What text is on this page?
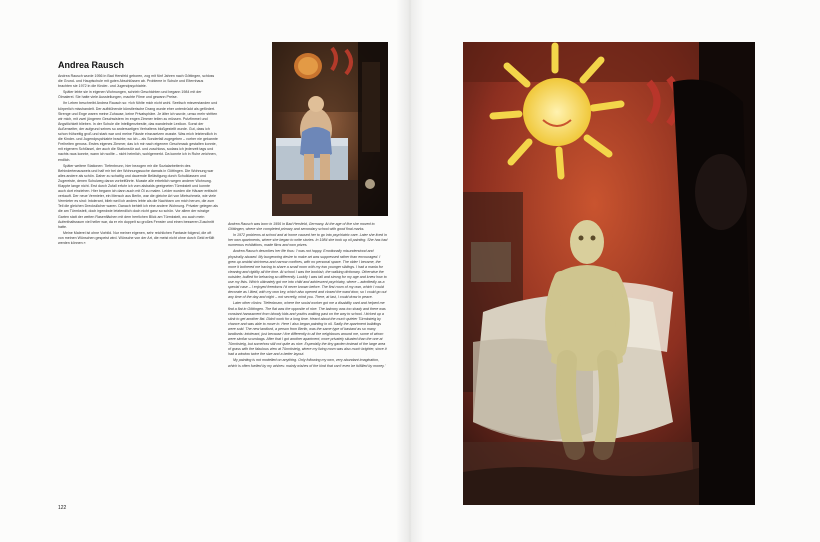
Andrea Rausch

Andrea Rausch wurde 1956 in Bad Hersfeld geboren, zog mit fünf Jahren nach Göttingen, schloss die Grund- und Hauptschule mit guten Abschlüssen ab. Probleme in Schule und Elternhaus brachten sie 1972 in die Kinder- und Jugendpsychiatrie.

Später lebte sie in eigenen Wohnungen, schrieb Geschichten und begann 1984 mit der Ölmalerei. Sie hatte viele Ausstellungen, machte Filme und gewann Preise.

Ihr Leben beschreibt Andrea Rausch so: »Ich fühlte mich nicht wohl. Seelisch misverstanden und körperlich misshandelt. Der aufblühende künstlerische Drang wurde eher unterdrückt als gefördert. Strenge und Enge waren meine Zuhause, keine Privatsphäre. Je älter ich wurde, umso mehr stritten wir mich, mit zwei jüngeren Geschwistern im engen Zimmer teilen zu müssen. Putzfimmel und Ängstlichkeit blieben. In der Schule die Intelligenzbestie, das wandelnde Lexikon. Sonst der Außenseiter, der aufgrund seines so andersartigen Verhaltens bloßgestellt wurde. Gut, dass ich schon frühzeitig groß und stark war und meine Fäuste einzusetzen wusste. Was mich letztendlich in die Kinder- und Jugendpsychiatrie brachte; wo ich – als Sonderfall zugegeben – vorher nie gekannte Freiheiten genoss. Erstes eigenes Zimmer, das ich mir nach eigenem Geschmack gestalten konnte, mit eigenem Schlüssel, der auch die Stationstür auf- und zuschloss, sodass ich jederzeit tags und nachts raus konnte, wann ich wollte – nicht heimlich, wohlgemerkt. Da konnte ich in Ruhe zeichnen, endlich.

Später weitere Stationen: Tiefenbrunn, hier bezogen mir die Sozialarbeiterin des Behindertenausweis und half mir bei der Wohnungssuche damals in Göttingen. Die Wohnung war alles andere als schön. Daher zu schattig und dauernde Belästigung durch Schulklassen und Zugereiste, denen Schulweg daran vorbeiführte. Musste alle erbeblich wegen anderer Wohnung. Klappte lange nicht. Erst durch Zufall erfuhr ich vom alsbalds geeigneten Türmksteit und konnte auch dort einziehen. Hier begann ich dann auch mit Öl zu malen. Leider wurden die Häuser entfacht verkauft. Der neue Vermieter, ein Mensch aus Berlin, war die gleiche Art von Mietschmelz, wie viele Vermieter es sind: Intolerant, blieb weil ich anders lebte als die Nachbarn um mich herum, die zum Teil die gleichen Dreckslöcher waren. Danach behielt ich eine andere Wohnung. Privater gelegen als die am Türmksteit, doch irgendwie letztendlich doch nicht ganz so schön. Vor allem der winzige Garten statt der weiten Rasenflächen mit dem herrlichen Blick am Türmksteit, wo auch mein Aufenthaltsraum viel heller war, da er ein doppelt so großes Fenster und einen besseren Zuschnitt hatte.

Meine Malerei ist ohne Vorbild. Nur meiner eigenen, sehr reichlichen Fantasie folgend, die oft von meinen Wünschen gespeist wird. Wünsche von der Art, die meist nicht ohne durch Geld erfüllt werden können.«

Andrea Rausch was born in 1956 in Bad Hersfeld, Germany. At the age of five she moved to Göttingen, where she completed primary and secondary school with good final marks.

In 1972 problems at school and at home caused her to go into psychiatric care. Later she lived in her own apartments, where she began to write stories. In 1984 she took up oil painting. She has had numerous exhibitions, made films and won prizes.

Andrea Rausch describes her life thus: 'I was not happy. Emotionally misunderstood and physically abused. My burgeoning desire to make art was suppressed rather than encouraged. I grew up amidst strictness and narrow confines, with no personal space. The older I became, the more it bothered me having to share a small room with my two younger siblings. I had a mania for cleaning and rigidity all the time. At school I was the bookish, the walking dictionary. Otherwise the outsider, bullied for behaving so differently. Luckily I was tall and strong for my age and knew how to use my fists. Which ultimately got me into child and adolescent psychiatry, where – admittedly as a special case – I enjoyed freedoms I'd never known before. The first room of my own, which I could decorate as I liked, with my own key, which also opened and closed the ward door, so I could go out any time of the day and night – not secretly, mind you. There, at last, I could draw in peace.

Later other clinics: Tiefenbrunn, where the social worker got me a disability card and helped me find a flat in Göttingen. The flat was the opposite of nice. The balcony was too shady and there was constant harassment from bloody kids and youths walking past on the way to school. I kicked up a stink to get another flat. Didn't work for a long time. Heard about the much quieter Türmksteig by chance and was able to move in. Here I also began painting in oil. Sadly the apartment buildings were sold. The new landlord, a person from Berlin, was the same type of bastard as so many landlords: intolerant, just because I live differently to all the neighbours around me, some of whom were similar scumbags. After that I got another apartment, more privately situated than the one at Türmksteig, but somehow still not quite as nice. Especially the tiny garden instead of the large area of grass with the fabulous view at Türmksteig, where my living room was also much brighter, since it had a window twice the size and a better layout.

My painting is not modelled on anything. Only following my own, very abundant imagination, which is often fuelled by my wishes: mainly wishes of the kind that can't even be fulfilled by money.'

122
